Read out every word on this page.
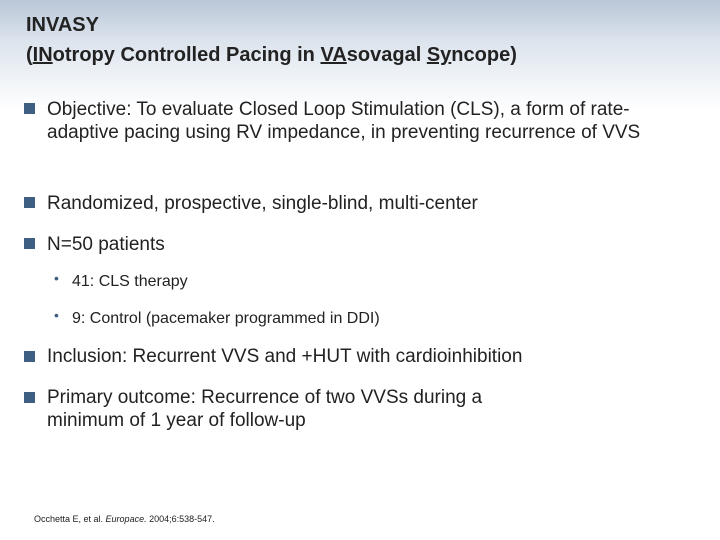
INVASY
(INotropy Controlled Pacing in VAsovagal Syncope)
Objective: To evaluate Closed Loop Stimulation (CLS), a form of rate-adaptive pacing using RV impedance, in preventing recurrence of VVS
Randomized, prospective, single-blind, multi-center
N=50 patients
• 41: CLS therapy
• 9: Control (pacemaker programmed in DDI)
Inclusion: Recurrent VVS and +HUT with cardioinhibition
Primary outcome: Recurrence of two VVSs during a minimum of 1 year of follow-up
Occhetta E, et al. Europace. 2004;6:538-547.
